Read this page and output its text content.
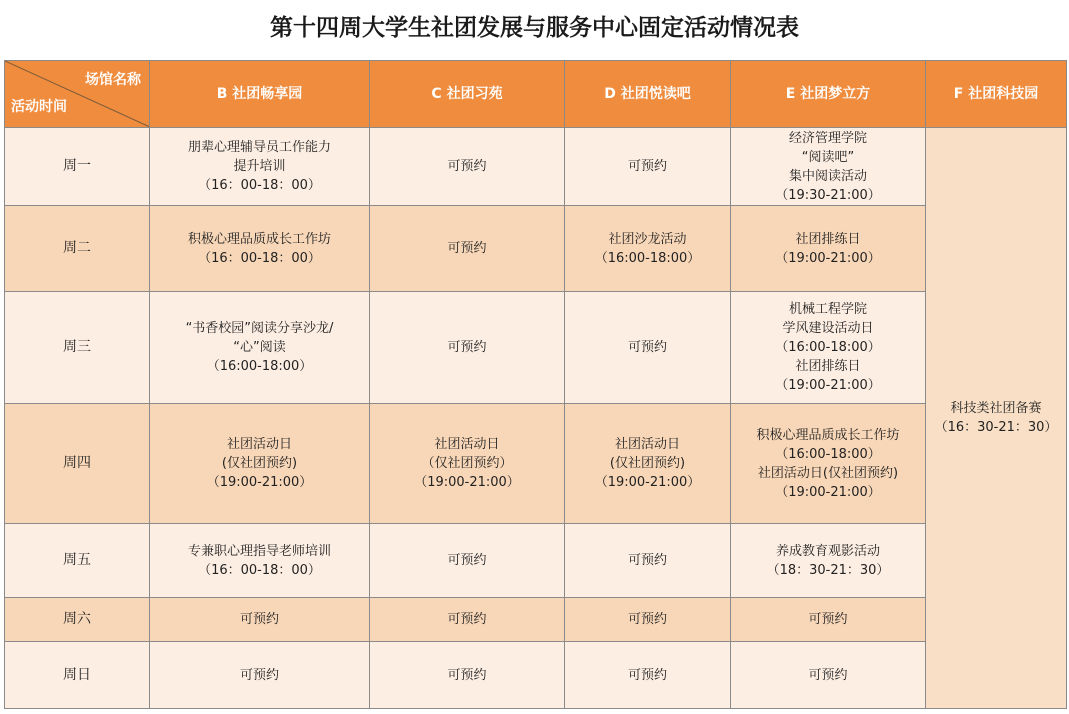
第十四周大学生社团发展与服务中心固定活动情况表
场馆名称
活动时间	B 社团畅享园	C 社团习苑	D 社团悦读吧	E 社团梦立方	F 社团科技园
周一	朋辈心理辅导员工作能力
提升培训
（16：00-18：00）	可预约	可预约	经济管理学院
“阅读吧”
集中阅读活动
（19:30-21:00）	科技类社团备赛
（16：30-21：30）

周二	积极心理品质成长工作坊
（16：00-18：00）	可预约	社团沙龙活动
（16:00-18:00）	社团排练日
（19:00-21:00）	

周三	“书香校园”阅读分享沙龙/
“心”阅读
（16:00-18:00）	可预约	可预约	机械工程学院
学风建设活动日
（16:00-18:00）
社团排练日
（19:00-21:00）	

周四	社团活动日
(仅社团预约)
（19:00-21:00）	社团活动日
（仅社团预约）
（19:00-21:00）	社团活动日
(仅社团预约)
（19:00-21:00）	积极心理品质成长工作坊
（16:00-18:00）
社团活动日(仅社团预约)
（19:00-21:00）	

周五	专兼职心理指导老师培训
（16：00-18：00）	可预约	可预约	养成教育观影活动
（18：30-21：30）	

周六	可预约	可预约	可预约	可预约	

周日	可预约	可预约	可预约	可预约	
